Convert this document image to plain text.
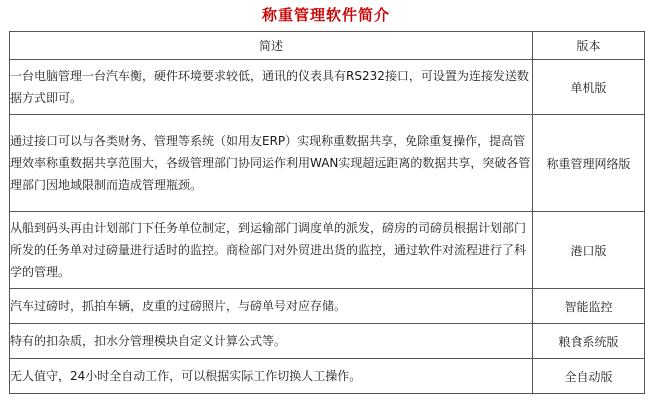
称重管理软件简介
简述	版本
一台电脑管理一台汽车衡，硬件环境要求较低，通讯的仪表具有RS232接口，可设置为连接发送数据方式即可。	单机版
通过接口可以与各类财务、管理等系统（如用友ERP）实现称重数据共享，免除重复操作，提高管理效率称重数据共享范围大，各级管理部门协同运作利用WAN实现超远距离的数据共享，突破各管理部门因地域限制而造成管理瓶颈。	称重管理网络版
从船到码头再由计划部门下任务单位制定，到运输部门调度单的派发，磅房的司磅员根据计划部门所发的任务单对过磅量进行适时的监控。商检部门对外贸进出货的监控，通过软件对流程进行了科学的管理。	港口版
汽车过磅时，抓拍车辆，皮重的过磅照片，与磅单号对应存储。	智能监控
特有的扣杂质，扣水分管理模块自定义计算公式等。	粮食系统版
无人值守，24小时全自动工作，可以根据实际工作切换人工操作。	全自动版
